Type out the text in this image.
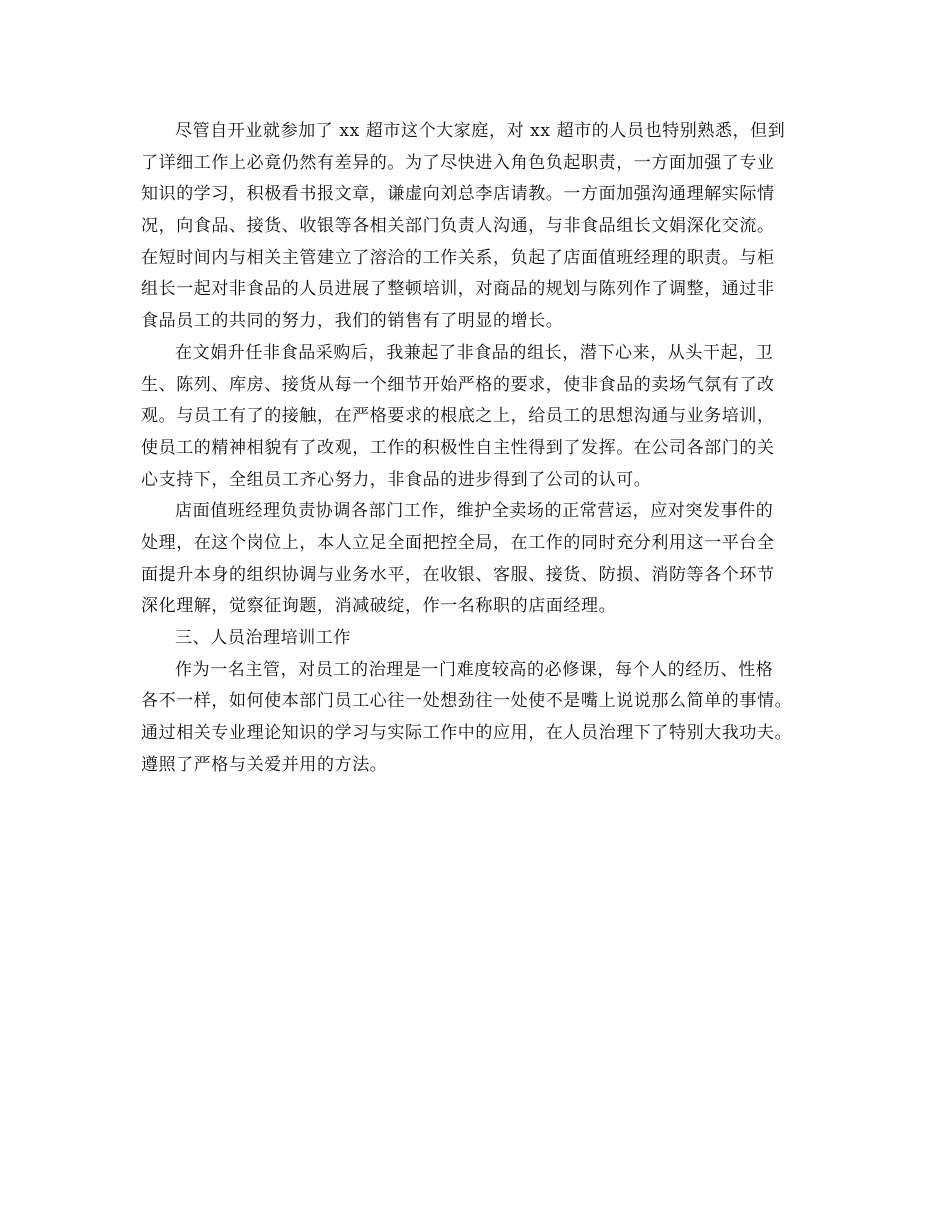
尽管自开业就参加了 xx 超市这个大家庭，对 xx 超市的人员也特别熟悉，但到
了详细工作上必竟仍然有差异的。为了尽快进入角色负起职责，一方面加强了专业
知识的学习，积极看书报文章，谦虚向刘总李店请教。一方面加强沟通理解实际情
况，向食品、接货、收银等各相关部门负责人沟通，与非食品组长文娟深化交流。
在短时间内与相关主管建立了溶洽的工作关系，负起了店面值班经理的职责。与柜
组长一起对非食品的人员进展了整顿培训，对商品的规划与陈列作了调整，通过非
食品员工的共同的努力，我们的销售有了明显的增长。
在文娟升任非食品采购后，我兼起了非食品的组长，潜下心来，从头干起，卫
生、陈列、库房、接货从每一个细节开始严格的要求，使非食品的卖场气氛有了改
观。与员工有了的接触，在严格要求的根底之上，给员工的思想沟通与业务培训，
使员工的精神相貌有了改观，工作的积极性自主性得到了发挥。在公司各部门的关
心支持下，全组员工齐心努力，非食品的进步得到了公司的认可。
店面值班经理负责协调各部门工作，维护全卖场的正常营运，应对突发事件的
处理，在这个岗位上，本人立足全面把控全局，在工作的同时充分利用这一平台全
面提升本身的组织协调与业务水平，在收银、客服、接货、防损、消防等各个环节
深化理解，觉察征询题，消减破绽，作一名称职的店面经理。
三、人员治理培训工作
作为一名主管，对员工的治理是一门难度较高的必修课，每个人的经历、性格
各不一样，如何使本部门员工心往一处想劲往一处使不是嘴上说说那么简单的事情。
通过相关专业理论知识的学习与实际工作中的应用，在人员治理下了特别大我功夫。
遵照了严格与关爱并用的方法。
